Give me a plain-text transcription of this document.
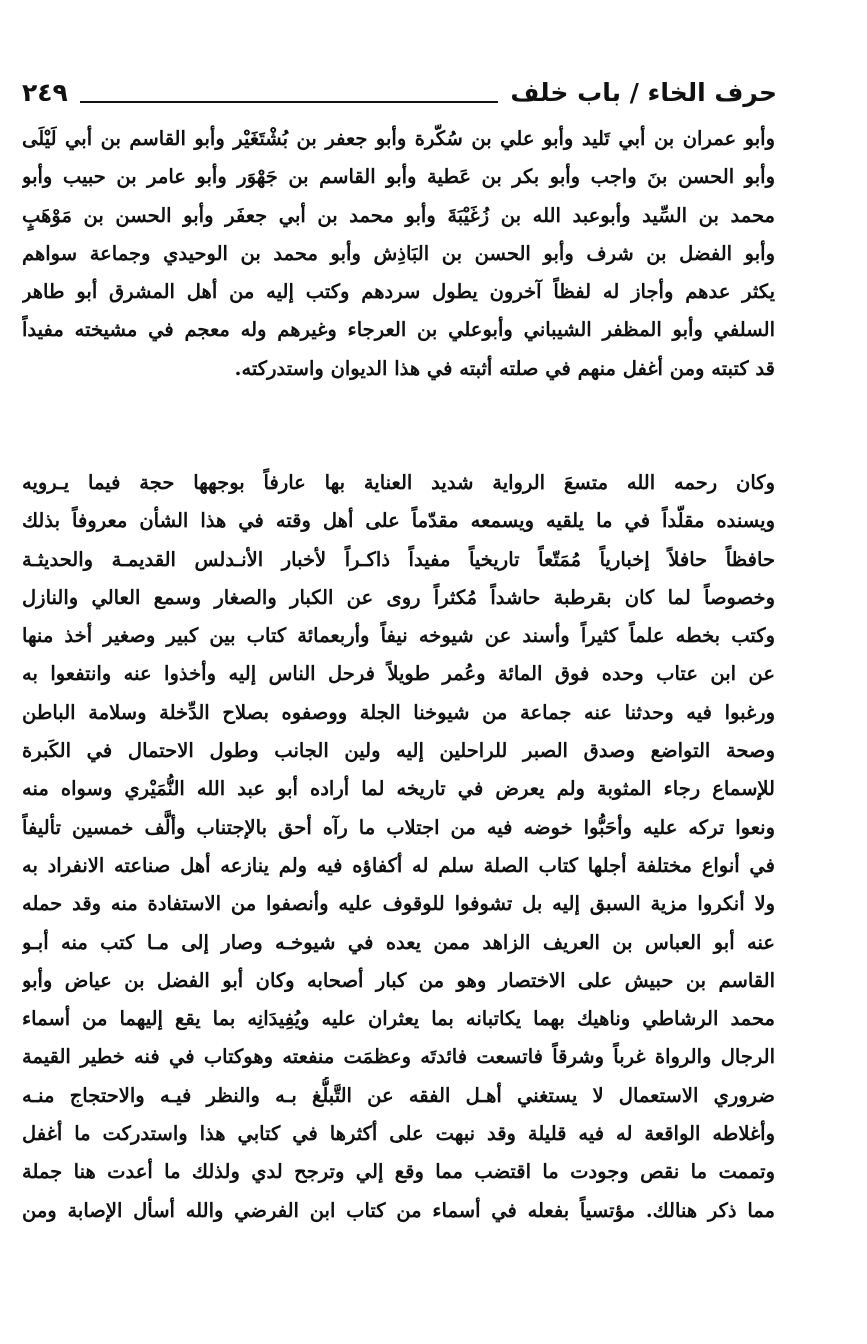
حرف الخاء / باب خلف
٢٤٩
وأبو عمران بن أبي تَليد وأبو علي بن سُكّرة وأبو جعفر بن بُشْتَغَيْر وأبو القاسم بن أبي لَيْلَى
وأبو الحسن بنَ واجب وأبو بكر بن عَطية وأبو القاسم بن جَهْوَر وأبو عامر بن حبيب وأبو
محمد بن السِّيد وأبوعبد الله بن زُغَيْبَةَ وأبو محمد بن أبي جعفَر وأبو الحسن بن مَوْهَبٍ
وأبو الفضل بن شرف وأبو الحسن بن البَاذِش وأبو محمد بن الوحيدي وجماعة سواهم
يكثر عدهم وأجاز له لفظاً آخرون يطول سردهم وكتب إليه من أهل المشرق أبو طاهر
السلفي وأبو المظفر الشيباني وأبوعلي بن العرجاء وغيرهم وله معجم في مشيخته مفيداً
قد كتبته ومن أغفل منهم في صلته أثبته في هذا الديوان واستدركته.
وكان رحمه الله متسعَ الرواية شديد العناية بها عارفاً بوجهها حجة فيما يـرويه
ويسنده مقلّداً في ما يلقيه ويسمعه مقدّماً على أهل وقته في هذا الشأن معروفاً بذلك
حافظاً حافلاً إخبارياً مُمَتّعاً تاريخياً مفيداً ذاكـراً لأخبار الأنـدلس القديمـة والحديثـة
وخصوصاً لما كان بقرطبة حاشداً مُكثراً روى عن الكبار والصغار وسمع العالي والنازل
وكتب بخطه علماً كثيراً وأسند عن شيوخه نيفاً وأربعمائة كتاب بين كبير وصغير أخذ منها
عن ابن عتاب وحده فوق المائة وعُمر طويلاً فرحل الناس إليه وأخذوا عنه وانتفعوا به
ورغبوا فيه وحدثنا عنه جماعة من شيوخنا الجلة ووصفوه بصلاح الدِّخلة وسلامة الباطن
وصحة التواضع وصدق الصبر للراحلين إليه ولين الجانب وطول الاحتمال في الكَبرة
للإسماع رجاء المثوبة ولم يعرض في تاريخه لما أراده أبو عبد الله النُّمَيْري وسواه منه
ونعوا تركه عليه وأحَبُّوا خوضه فيه من اجتلاب ما رآه أحق بالإجتناب وألَّف خمسين تأليفاً
في أنواع مختلفة أجلها كتاب الصلة سلم له أكفاؤه فيه ولم ينازعه أهل صناعته الانفراد به
ولا أنكروا مزية السبق إليه بل تشوفوا للوقوف عليه وأنصفوا من الاستفادة منه وقد حمله
عنه أبو العباس بن العريف الزاهد ممن يعده في شيوخـه وصار إلى مـا كتب منه أبـو
القاسم بن حبيش على الاختصار وهو من كبار أصحابه وكان أبو الفضل بن عياض وأبو
محمد الرشاطي وناهيك بهما يكاتبانه بما يعثران عليه ويُفِيدَانِه بما يقع إليهما من أسماء
الرجال والرواة غرباً وشرقاً فاتسعت فائدتَه وعظمَت منفعته وهوكتاب في فنه خطير القيمة
ضروري الاستعمال لا يستغني أهـل الفقه عن التَّبلُّغ بـه والنظر فيـه والاحتجاج منـه
وأغلاطه الواقعة له فيه قليلة وقد نبهت على أكثرها في كتابي هذا واستدركت ما أغفل
وتممت ما نقص وجودت ما اقتضب مما وقع إلي وترجح لدي ولذلك ما أعدت هنا جملة
مما ذكر هنالك. مؤتسياً بفعله في أسماء من كتاب ابن الفرضي والله أسأل الإصابة ومن
